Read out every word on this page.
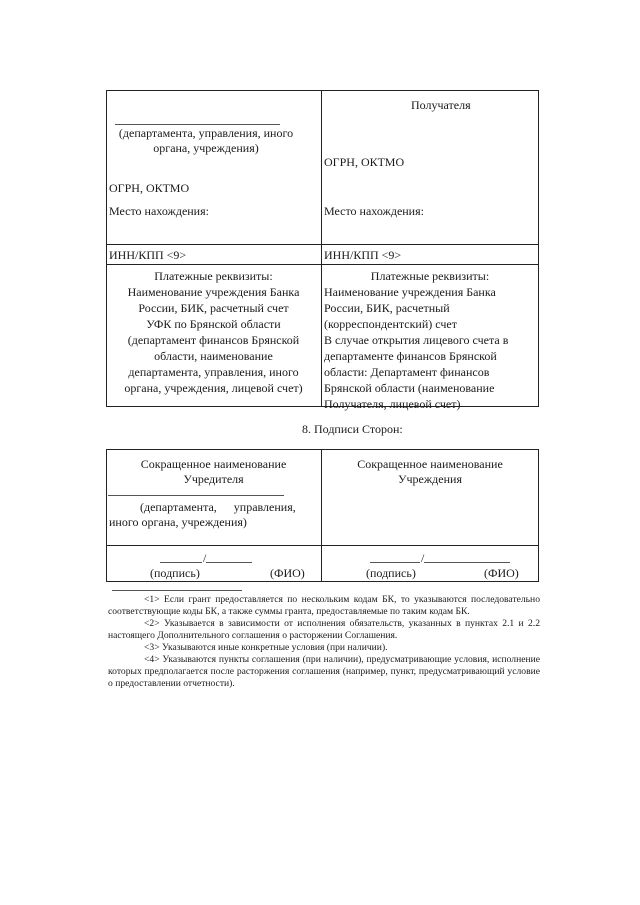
(департамента, управления, иного
органа, учреждения)
ОГРН, ОКТМО
Место нахождения:
ИНН/КПП <9>
Платежные реквизиты:
Наименование учреждения Банка
России, БИК, расчетный счет
УФК по Брянской области
(департамент финансов Брянской
области, наименование
департамента, управления, иного
органа, учреждения, лицевой счет)
Получателя
ОГРН, ОКТМО
Место нахождения:
ИНН/КПП <9>
Платежные реквизиты:
Наименование учреждения Банка
России, БИК, расчетный
(корреспондентский) счет
В случае открытия лицевого счета в
департаменте финансов Брянской
области: Департамент финансов
Брянской области (наименование
Получателя, лицевой счет)
8. Подписи Сторон:
Сокращенное наименование
Учредителя
(департамента, управления,
иного органа, учреждения)
/
(подпись)	(ФИО)
Сокращенное наименование
Учреждения
/
(подпись)	(ФИО)

<1> Если грант предоставляется по нескольким кодам БК, то указываются последовательно соответствующие коды БК, а также суммы гранта, предоставляемые по таким кодам БК.

<2> Указывается в зависимости от исполнения обязательств, указанных в пунктах 2.1 и 2.2 настоящего Дополнительного соглашения о расторжении Соглашения.

<3> Указываются иные конкретные условия (при наличии).

<4> Указываются пункты соглашения (при наличии), предусматривающие условия, исполнение которых предполагается после расторжения соглашения (например, пункт, предусматривающий условие о предоставлении отчетности).
